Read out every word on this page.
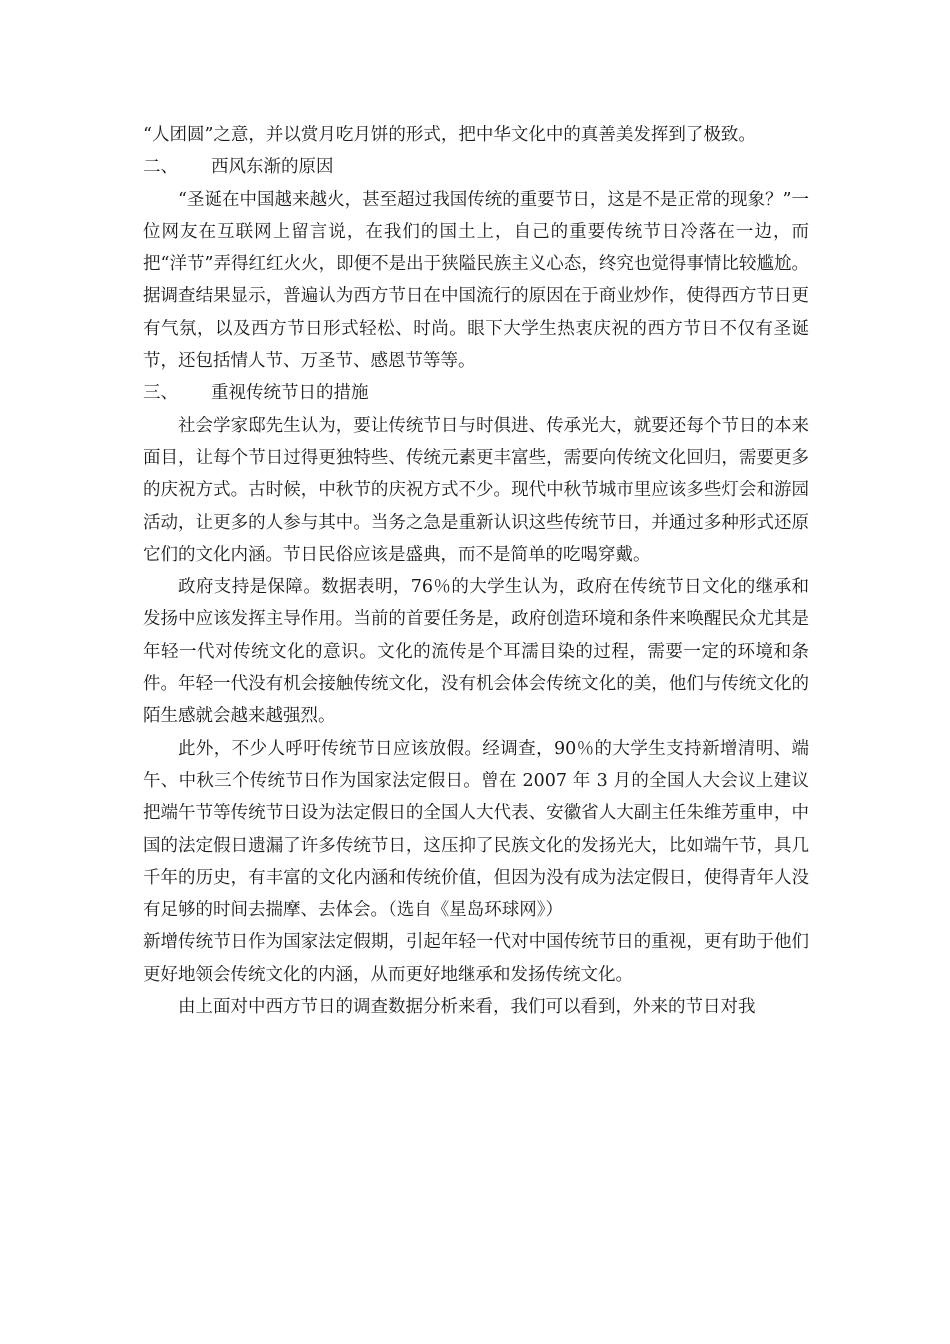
“人团圆”之意，并以赏月吃月饼的形式，把中华文化中的真善美发挥到了极致。

二、 西风东渐的原因

“圣诞在中国越来越火，甚至超过我国传统的重要节日，这是不是正常的现象？”一位网友在互联网上留言说，在我们的国土上，自己的重要传统节日冷落在一边，而把“洋节”弄得红红火火，即便不是出于狭隘民族主义心态，终究也觉得事情比较尴尬。据调查结果显示，普遍认为西方节日在中国流行的原因在于商业炒作，使得西方节日更有气氛，以及西方节日形式轻松、时尚。眼下大学生热衷庆祝的西方节日不仅有圣诞节，还包括情人节、万圣节、感恩节等等。

三、 重视传统节日的措施

社会学家邸先生认为，要让传统节日与时俱进、传承光大，就要还每个节日的本来面目，让每个节日过得更独特些、传统元素更丰富些，需要向传统文化回归，需要更多的庆祝方式。古时候，中秋节的庆祝方式不少。现代中秋节城市里应该多些灯会和游园活动，让更多的人参与其中。当务之急是重新认识这些传统节日，并通过多种形式还原它们的文化内涵。节日民俗应该是盛典，而不是简单的吃喝穿戴。

政府支持是保障。数据表明，76％的大学生认为，政府在传统节日文化的继承和发扬中应该发挥主导作用。当前的首要任务是，政府创造环境和条件来唤醒民众尤其是年轻一代对传统文化的意识。文化的流传是个耳濡目染的过程，需要一定的环境和条件。年轻一代没有机会接触传统文化，没有机会体会传统文化的美，他们与传统文化的陌生感就会越来越强烈。

此外，不少人呼吁传统节日应该放假。经调查，90％的大学生支持新增清明、端午、中秋三个传统节日作为国家法定假日。曾在 2007 年 3 月的全国人大会议上建议把端午节等传统节日设为法定假日的全国人大代表、安徽省人大副主任朱维芳重申，中国的法定假日遗漏了许多传统节日，这压抑了民族文化的发扬光大，比如端午节，具几千年的历史，有丰富的文化内涵和传统价值，但因为没有成为法定假日，使得青年人没有足够的时间去揣摩、去体会。（选自《星岛环球网》）

新增传统节日作为国家法定假期，引起年轻一代对中国传统节日的重视，更有助于他们更好地领会传统文化的内涵，从而更好地继承和发扬传统文化。

由上面对中西方节日的调查数据分析来看，我们可以看到，外来的节日对我
